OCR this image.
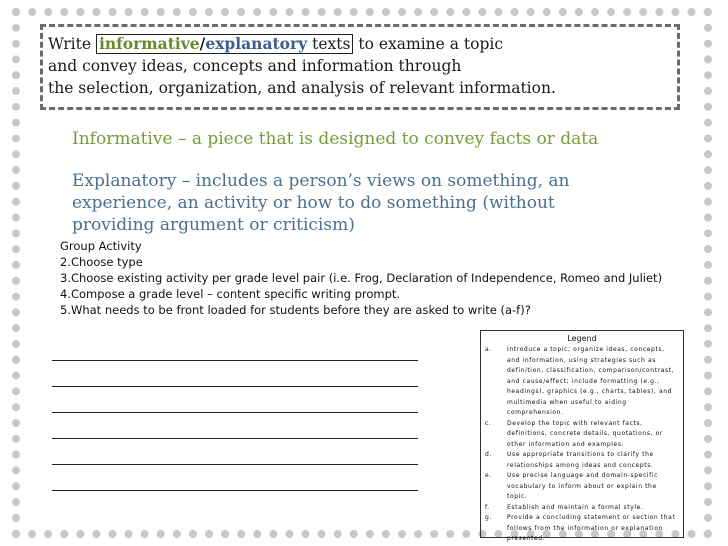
Write informative/explanatory texts to examine a topic
and convey ideas, concepts and information through
the selection, organization, and analysis of relevant information.
Informative – a piece that is designed to convey facts or data
Explanatory – includes a person’s views on something, an
experience, an activity or how to do something (without
providing argument or criticism)
Group Activity
2.Choose type
3.Choose existing activity per grade level pair (i.e. Frog, Declaration of Independence, Romeo and Juliet)
4.Compose a grade level – content specific writing prompt.
5.What needs to be front loaded for students before they are asked to write (a-f)?
Legend
a.	Introduce a topic; organize ideas, concepts, and information, using strategies such as definition, classification, comparison/contrast, and cause/effect; include formatting (e.g., headings), graphics (e.g., charts, tables), and multimedia when useful to aiding comprehension.
c.	Develop the topic with relevant facts, definitions, concrete details, quotations, or other information and examples.
d.	Use appropriate transitions to clarify the relationships among ideas and concepts.
e.	Use precise language and domain-specific vocabulary to inform about or explain the topic.
f.	Establish and maintain a formal style.
g.	Provide a concluding statement or section that follows from the information or explanation presented.
